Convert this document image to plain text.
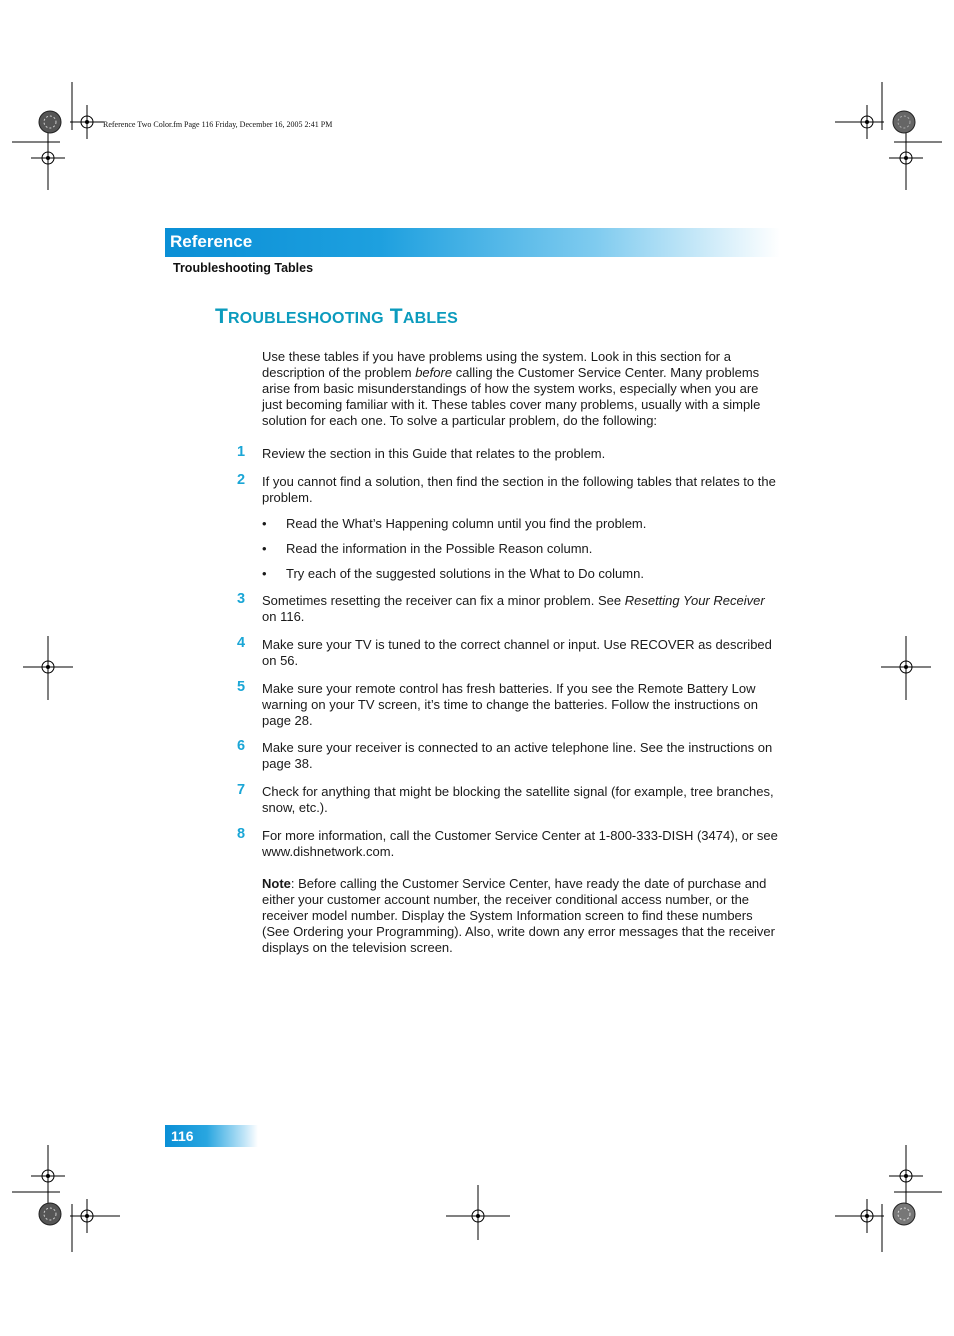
Reference Two Color.fm Page 116 Friday, December 16, 2005 2:41 PM
Reference
Troubleshooting Tables
TROUBLESHOOTING TABLES
Use these tables if you have problems using the system. Look in this section for a
description of the problem before calling the Customer Service Center. Many problems
arise from basic misunderstandings of how the system works, especially when you are
just becoming familiar with it. These tables cover many problems, usually with a simple
solution for each one. To solve a particular problem, do the following:
1 Review the section in this Guide that relates to the problem.
2 If you cannot find a solution, then find the section in the following tables that relates to the
problem.
• Read the What’s Happening column until you find the problem.
• Read the information in the Possible Reason column.
• Try each of the suggested solutions in the What to Do column.
3 Sometimes resetting the receiver can fix a minor problem. See Resetting Your Receiver
on 116.
4 Make sure your TV is tuned to the correct channel or input. Use RECOVER as described
on 56.
5 Make sure your remote control has fresh batteries. If you see the Remote Battery Low
warning on your TV screen, it’s time to change the batteries. Follow the instructions on
page 28.
6 Make sure your receiver is connected to an active telephone line. See the instructions on
page 38.
7 Check for anything that might be blocking the satellite signal (for example, tree branches,
snow, etc.).
8 For more information, call the Customer Service Center at 1-800-333-DISH (3474), or see
www.dishnetwork.com.
Note: Before calling the Customer Service Center, have ready the date of purchase and
either your customer account number, the receiver conditional access number, or the
receiver model number. Display the System Information screen to find these numbers
(See Ordering your Programming). Also, write down any error messages that the receiver
displays on the television screen.
116
